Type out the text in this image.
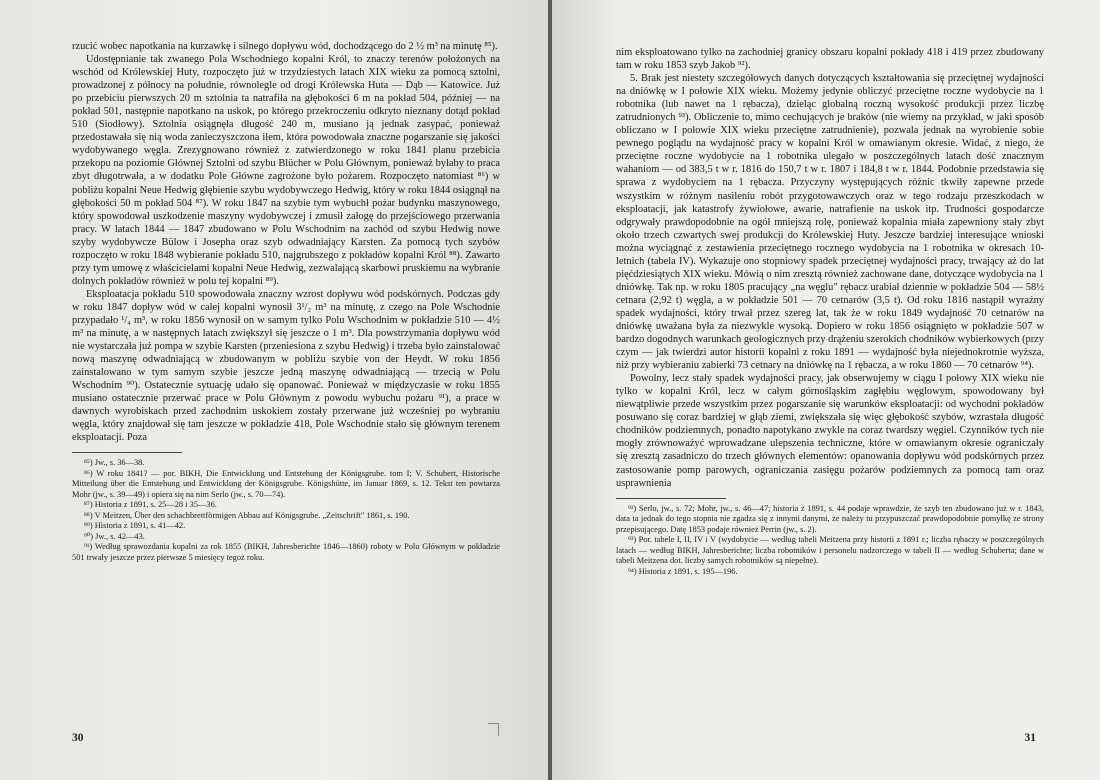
rzucić wobec napotkania na kurzawkę i silnego dopływu wód, dochodzącego do 2 ½ m³ na minutę ⁸⁵).

Udostępnianie tak zwanego Pola Wschodniego kopalni Król, to znaczy terenów położonych na wschód od Królewskiej Huty, rozpoczęto już w trzydziestych latach XIX wieku za pomocą sztolni, prowadzonej z północy na południe, równolegle od drogi Królewska Huta — Dąb — Katowice. Już po przebiciu pierwszych 20 m sztolnia ta natrafiła na głębokości 6 m na pokład 504, później — na pokład 501, następnie napotkano na uskok, po którego przekroczeniu odkryto nieznany dotąd pokład 510 (Siodłowy). Sztolnia osiągnęła długość 240 m, musiano ją jednak zasypać, ponieważ przedostawała się nią woda zanieczyszczona iłem, która powodowała znaczne pogarszanie się jakości wydobywanego węgla. Zrezygnowano również z zatwierdzonego w roku 1841 planu przebicia przekopu na poziomie Głównej Sztolni od szybu Blücher w Polu Głównym, ponieważ byłaby to praca zbyt długotrwała, a w dodatku Pole Główne zagrożone było pożarem. Rozpoczęto natomiast ⁸⁶) w pobliżu kopalni Neue Hedwig głębienie szybu wydobywczego Hedwig, który w roku 1844 osiągnął na głębokości 50 m pokład 504 ⁸⁷). W roku 1847 na szybie tym wybuchł pożar budynku maszynowego, który spowodował uszkodzenie maszyny wydobywczej i zmusił załogę do przejściowego przerwania pracy. W latach 1844 — 1847 zbudowano w Polu Wschodnim na zachód od szybu Hedwig nowe szyby wydobywcze Bülow i Josepha oraz szyb odwadniający Karsten. Za pomocą tych szybów rozpoczęto w roku 1848 wybieranie pokładu 510, najgrubszego z pokładów kopalni Król ⁸⁸). Zawarto przy tym umowę z właścicielami kopalni Neue Hedwig, zezwalającą skarbowi pruskiemu na wybranie dolnych pokładów również w polu tej kopalni ⁸⁹).

Eksploatacja pokładu 510 spowodowała znaczny wzrost dopływu wód podskórnych. Podczas gdy w roku 1847 dopływ wód w całej kopalni wynosił 3¹/₂ m³ na minutę, z czego na Pole Wschodnie przypadało ¹/₄ m³, w roku 1856 wynosił on w samym tylko Polu Wschodnim w pokładzie 510 — 4½ m³ na minutę, a w następnych latach zwiększył się jeszcze o 1 m³. Dla powstrzymania dopływu wód nie wystarczała już pompa w szybie Karsten (przeniesiona z szybu Hedwig) i trzeba było zainstalować nową maszynę odwadniającą w zbudowanym w pobliżu szybie von der Heydt. W roku 1856 zainstalowano w tym samym szybie jeszcze jedną maszynę odwadniającą — trzecią w Polu Wschodnim ⁹⁰). Ostatecznie sytuację udało się opanować. Ponieważ w międzyczasie w roku 1855 musiano ostatecznie przerwać prace w Polu Głównym z powodu wybuchu pożaru ⁹¹), a prace w dawnych wyrobiskach przed zachodnim uskokiem zostały przerwane już wcześniej po wybraniu węgla, który znajdował się tam jeszcze w pokładzie 418, Pole Wschodnie stało się głównym terenem eksploatacji. Poza

⁸⁵) Jw., s. 36—38.

⁸⁶) W roku 1841? — por. BIKH, Die Entwicklung und Entstehung der Königsgrube. tom I; V. Schubert, Historische Mitteilung über die Entstehung und Entwicklung der Königsgrube. Königshütte, im Januar 1869, s. 12. Tekst ten powtarza Mohr (jw., s. 39—49) i opiera się na nim Serlo (jw., s. 70—74).

⁸⁷) Historia z 1891, s. 25—28 i 35—36.

⁸⁸) V Meitzen, Über den schachbrettförmigen Abbau auf Königsgrube. „Zeitschrift" 1861, s. 190.

⁸⁹) Historia z 1891, s. 41—42.

⁹⁰) Jw., s. 42—43.

⁹¹) Według sprawozdania kopalni za rok 1855 (BIKH, Jahresberichte 1846—1860) roboty w Polu Głównym w pokładzie 501 trwały jeszcze przez pierwsze 5 miesięcy tegoż roku.

30

nim eksploatowano tylko na zachodniej granicy obszaru kopalni pokłady 418 i 419 przez zbudowany tam w roku 1853 szyb Jakob ⁹²).

5. Brak jest niestety szczegółowych danych dotyczących kształtowania się przeciętnej wydajności na dniówkę w I połowie XIX wieku. Możemy jedynie obliczyć przeciętne roczne wydobycie na 1 robotnika (lub nawet na 1 rębacza), dzieląc globalną roczną wysokość produkcji przez liczbę zatrudnionych ⁹³). Obliczenie to, mimo cechujących je braków (nie wiemy na przykład, w jaki sposób obliczano w I połowie XIX wieku przeciętne zatrudnienie), pozwala jednak na wyrobienie sobie pewnego poglądu na wydajność pracy w kopalni Król w omawianym okresie. Widać, z niego, że przeciętne roczne wydobycie na 1 robotnika ulegało w poszczególnych latach dość znacznym wahaniom — od 383,5 t w r. 1816 do 150,7 t w r. 1807 i 184,8 t w r. 1844. Podobnie przedstawia się sprawa z wydobyciem na 1 rębacza. Przyczyny występujących różnic tkwiły zapewne przede wszystkim w różnym nasileniu robót przygotowawczych oraz w tego rodzaju przeszkodach w eksploatacji, jak katastrofy żywiołowe, awarie, natrafienie na uskok itp. Trudności gospodarcze odgrywały prawdopodobnie na ogół mniejszą rolę, ponieważ kopalnia miała zapewniony stały zbyt około trzech czwartych swej produkcji do Królewskiej Huty. Jeszcze bardziej interesujące wnioski można wyciągnąć z zestawienia przeciętnego rocznego wydobycia na 1 robotnika w okresach 10-letnich (tabela IV). Wykazuje ono stopniowy spadek przeciętnej wydajności pracy, trwający aż do lat pięćdziesiątych XIX wieku. Mówią o nim zresztą również zachowane dane, dotyczące wydobycia na 1 dniówkę. Tak np. w roku 1805 pracujący „na węglu" rębacz urabiał dziennie w pokładzie 504 — 58½ cetnara (2,92 t) węgla, a w pokładzie 501 — 70 cetnarów (3,5 t). Od roku 1816 nastąpił wyraźny spadek wydajności, który trwał przez szereg lat, tak że w roku 1849 wydajność 70 cetnarów na dniówkę uważana była za niezwykle wysoką. Dopiero w roku 1856 osiągnięto w pokładzie 507 w bardzo dogodnych warunkach geologicznych przy drążeniu szerokich chodników wybierkowych (przy czym — jak twierdzi autor historii kopalni z roku 1891 — wydajność była niejednokrotnie wyższa, niż przy wybieraniu zabierki 73 cetnary na dniówkę na 1 rębacza, a w roku 1860 — 70 cetnarów ⁹⁴).

Powolny, lecz stały spadek wydajności pracy, jak obserwujemy w ciągu I połowy XIX wieku nie tylko w kopalni Król, lecz w całym górnośląskim zagłębiu węglowym, spowodowany był niewątpliwie przede wszystkim przez pogarszanie się warunków eksploatacji: od wychodni pokładów posuwano się coraz bardziej w głąb ziemi, zwiększała się więc głębokość szybów, wzrastała długość chodników podziemnych, ponadto napotykano zwykle na coraz twardszy węgiel. Czynników tych nie mogły zrównoważyć wprowadzane ulepszenia techniczne, które w omawianym okresie ograniczały się zresztą zasadniczo do trzech głównych elementów: opanowania dopływu wód podskórnych przez zastosowanie pomp parowych, ograniczania zasięgu pożarów podziemnych za pomocą tam oraz usprawnienia

⁹²) Serlo, jw., s. 72; Mohr, jw., s. 46—47; historia z 1891, s. 44 podaje wprawdzie, że szyb ten zbudowano już w r. 1843, data ta jednak do tego stopnia nie zgadza się z innymi danymi, że należy tu przypuszczać prawdopodobnie pomyłkę ze strony przepisującego. Datę 1853 podaje również Perrin (jw., s. 2).

⁹³) Por. tabele I, II, IV i V (wydobycie — według tabeli Meitzena przy historii z 1891 r.; liczba rębaczy w poszczególnych latach — według BIKH, Jahresberichte; liczba robotników i personelu nadzorczego w tabeli II — według Schuberta; dane w tabeli Meitzena dot. liczby samych robotników są niepełne).

⁹⁴) Historia z 1891, s. 195—196.

31
